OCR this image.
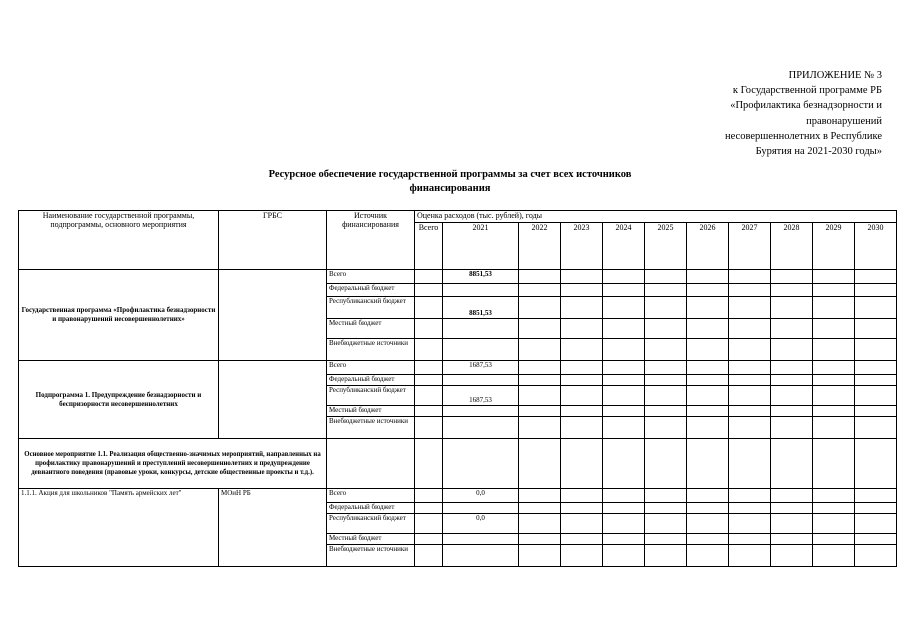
ПРИЛОЖЕНИЕ № 3
к Государственной программе РБ
«Профилактика безнадзорности и
правонарушений
несовершеннолетних в Республике
Бурятия на 2021-2030 годы»
Ресурсное обеспечение государственной программы за счет всех источников
финансирования
Наименование государственной программы, подпрограммы, основного мероприятия	ГРБС	Источник финансирования	Оценка расходов (тыс. рублей), годы										
			Всего	2021	2022	2023	2024	2025	2026	2027	2028	2029	2030
Государственная программа «Профилактика безнадзорности и правонарушений несовершеннолетних»		Всего		8851,53									
		Федеральный бюджет											
		Республиканский бюджет		8851,53									
		Местный бюджет											
		Внебюджетные источники											
Подпрограмма 1. Предупреждение безнадзорности и беспризорности несовершеннолетних		Всего		1687,53									
		Федеральный бюджет											
		Республиканский бюджет		1687,53									
		Местный бюджет											
		Внебюджетные источники											
Основное мероприятие 1.1. Реализация общественно-значимых мероприятий, направленных на профилактику правонарушений и преступлений несовершеннолетних и предупреждение девиантного поведения (правовые уроки, конкурсы, детские общественные проекты и т.д.).													
1.1.1. Акция для школьников "Память армейских лет"	МОиН РБ	Всего		0,0									
		Федеральный бюджет											
		Республиканский бюджет		0,0									
		Местный бюджет											
		Внебюджетные источники											
